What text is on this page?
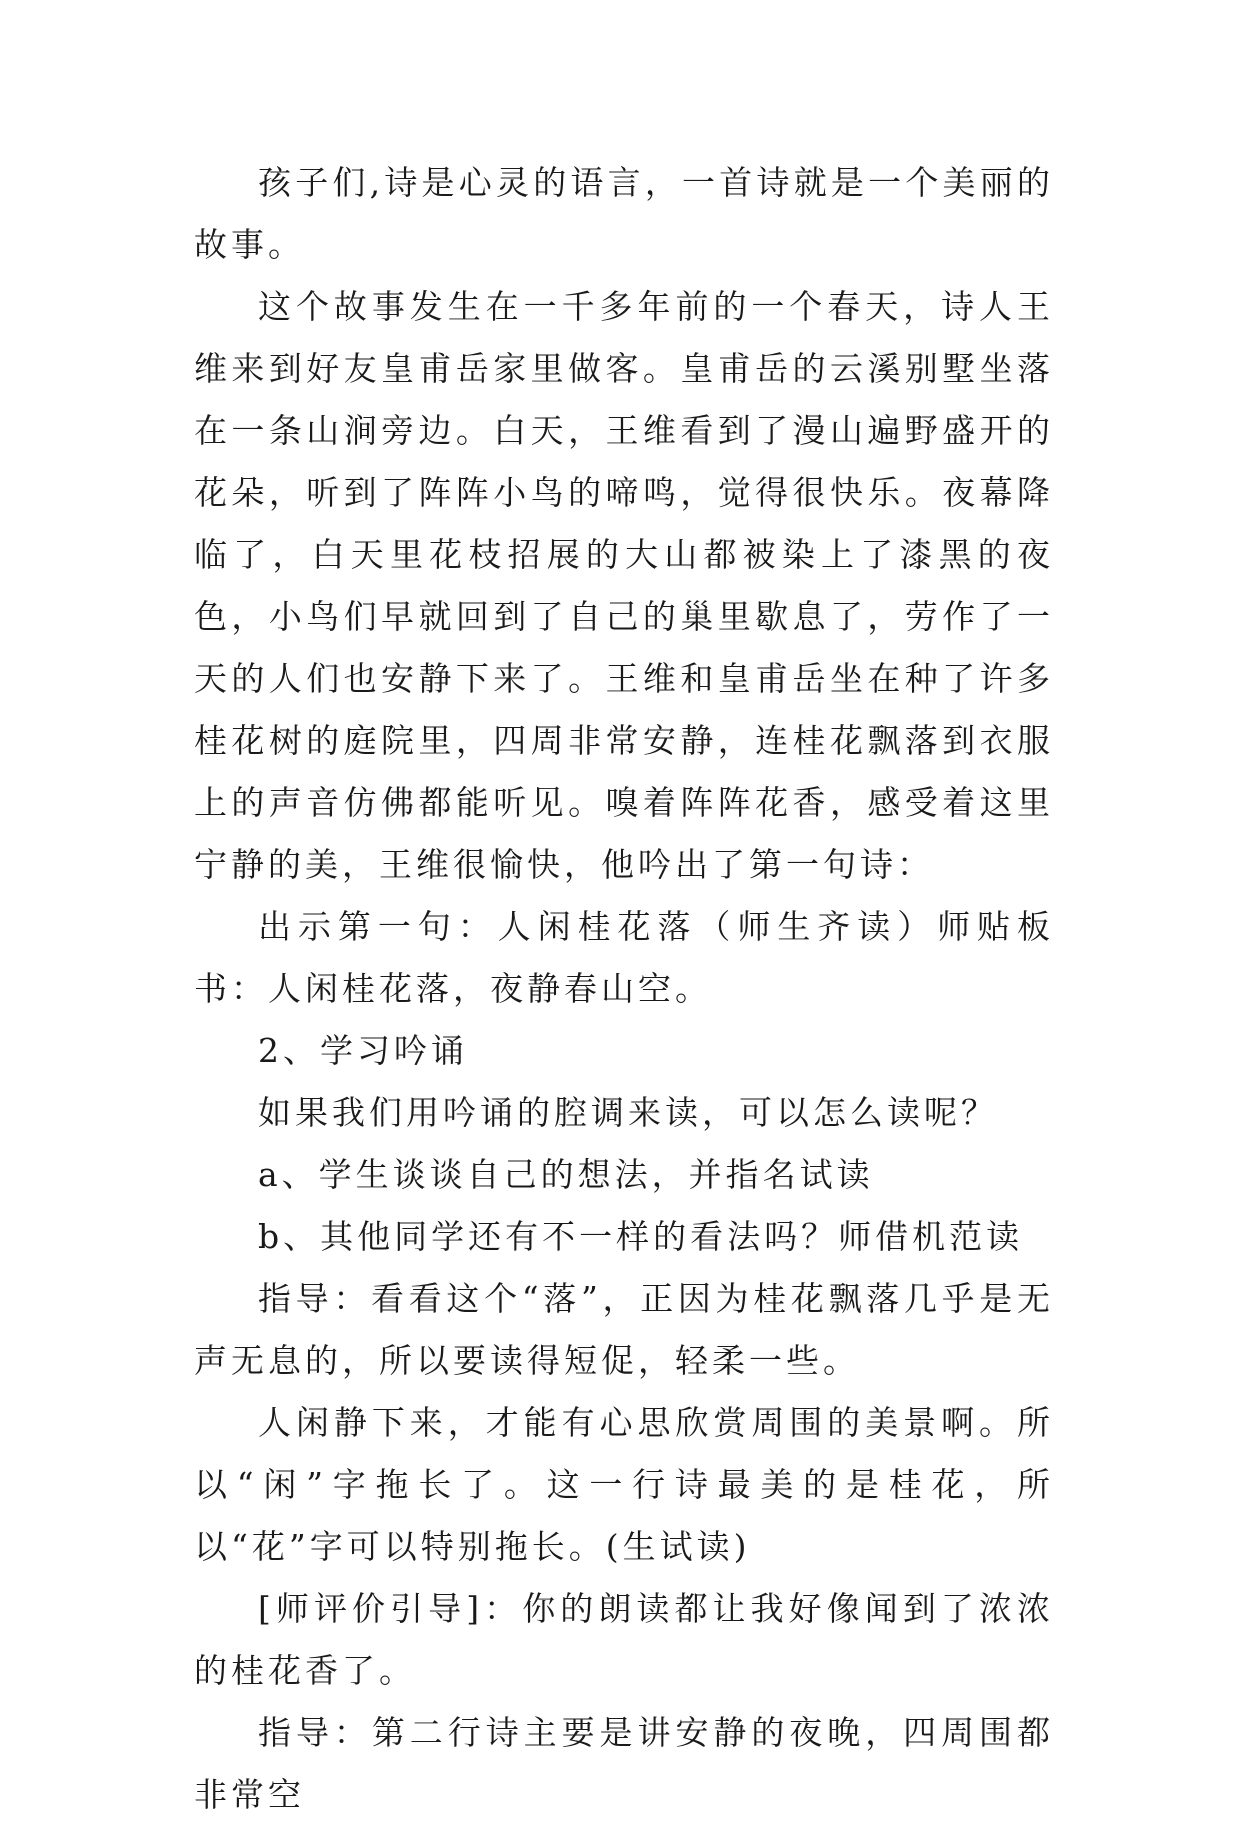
孩子们,诗是心灵的语言，一首诗就是一个美丽的故事。

这个故事发生在一千多年前的一个春天，诗人王维来到好友皇甫岳家里做客。皇甫岳的云溪别墅坐落在一条山涧旁边。白天，王维看到了漫山遍野盛开的花朵，听到了阵阵小鸟的啼鸣，觉得很快乐。夜幕降临了，白天里花枝招展的大山都被染上了漆黑的夜色，小鸟们早就回到了自己的巢里歇息了，劳作了一天的人们也安静下来了。王维和皇甫岳坐在种了许多桂花树的庭院里，四周非常安静，连桂花飘落到衣服上的声音仿佛都能听见。嗅着阵阵花香，感受着这里宁静的美，王维很愉快，他吟出了第一句诗：

出示第一句：人闲桂花落（师生齐读）师贴板书：人闲桂花落，夜静春山空。

2、学习吟诵

如果我们用吟诵的腔调来读，可以怎么读呢？

a、学生谈谈自己的想法，并指名试读

b、其他同学还有不一样的看法吗？师借机范读

指导：看看这个“落”，正因为桂花飘落几乎是无声无息的，所以要读得短促，轻柔一些。

人闲静下来，才能有心思欣赏周围的美景啊。所以“闲”字拖长了。这一行诗最美的是桂花，所以“花”字可以特别拖长。(生试读)

[师评价引导]：你的朗读都让我好像闻到了浓浓的桂花香了。

指导：第二行诗主要是讲安静的夜晚，四周围都非常空
